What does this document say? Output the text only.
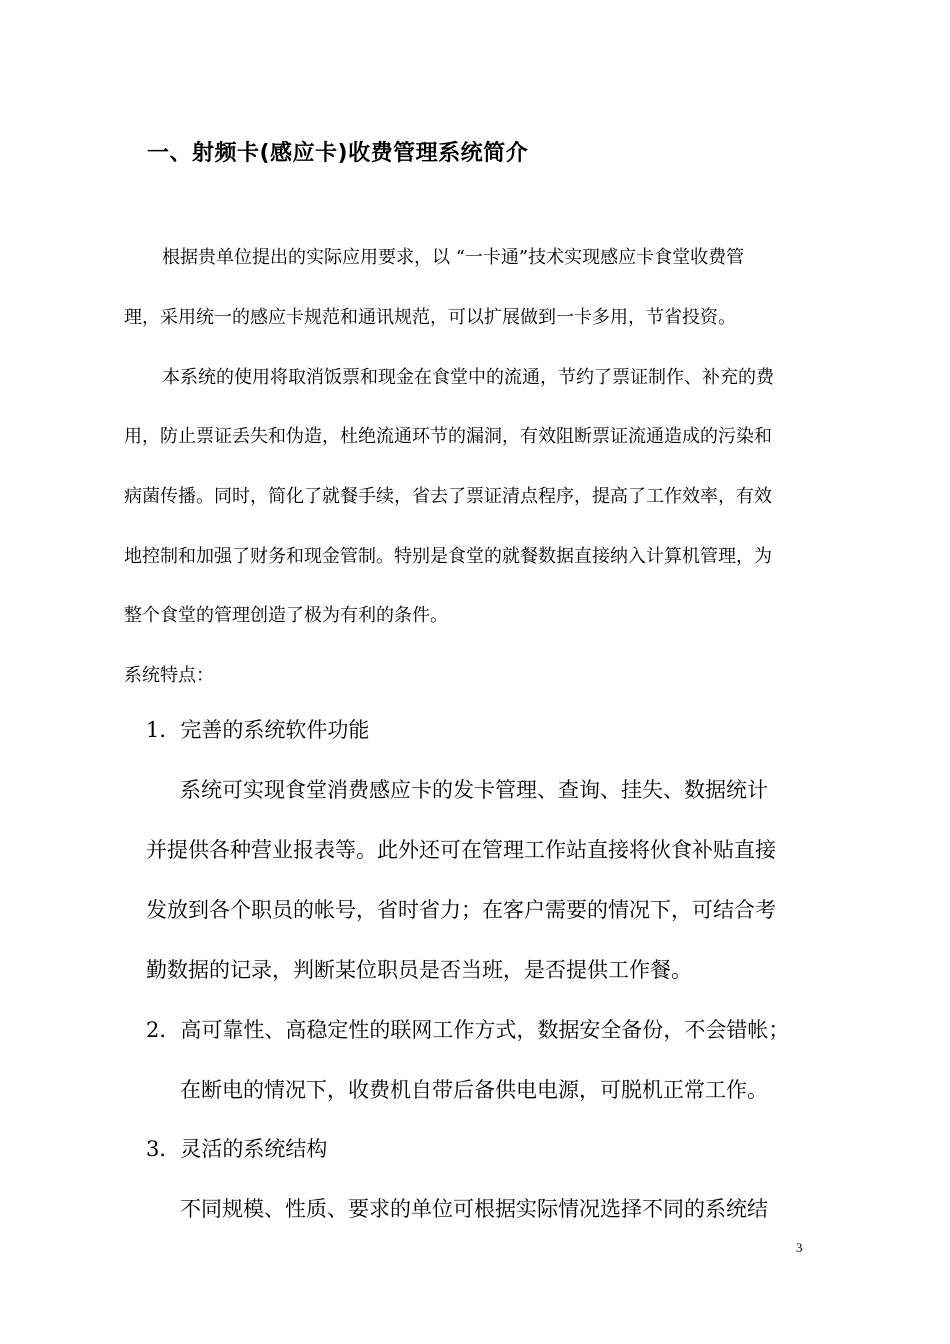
一、射频卡(感应卡)收费管理系统简介
根据贵单位提出的实际应用要求，以 “一卡通”技术实现感应卡食堂收费管
理，采用统一的感应卡规范和通讯规范，可以扩展做到一卡多用，节省投资。
本系统的使用将取消饭票和现金在食堂中的流通，节约了票证制作、补充的费
用，防止票证丢失和伪造，杜绝流通环节的漏洞，有效阻断票证流通造成的污染和
病菌传播。同时，简化了就餐手续，省去了票证清点程序，提高了工作效率，有效
地控制和加强了财务和现金管制。特别是食堂的就餐数据直接纳入计算机管理，为
整个食堂的管理创造了极为有利的条件。
系统特点：
1．完善的系统软件功能
系统可实现食堂消费感应卡的发卡管理、查询、挂失、数据统计
并提供各种营业报表等。此外还可在管理工作站直接将伙食补贴直接
发放到各个职员的帐号，省时省力；在客户需要的情况下，可结合考
勤数据的记录，判断某位职员是否当班，是否提供工作餐。
2．高可靠性、高稳定性的联网工作方式，数据安全备份，不会错帐；
在断电的情况下，收费机自带后备供电电源，可脱机正常工作。
3．灵活的系统结构
不同规模、性质、要求的单位可根据实际情况选择不同的系统结
3
